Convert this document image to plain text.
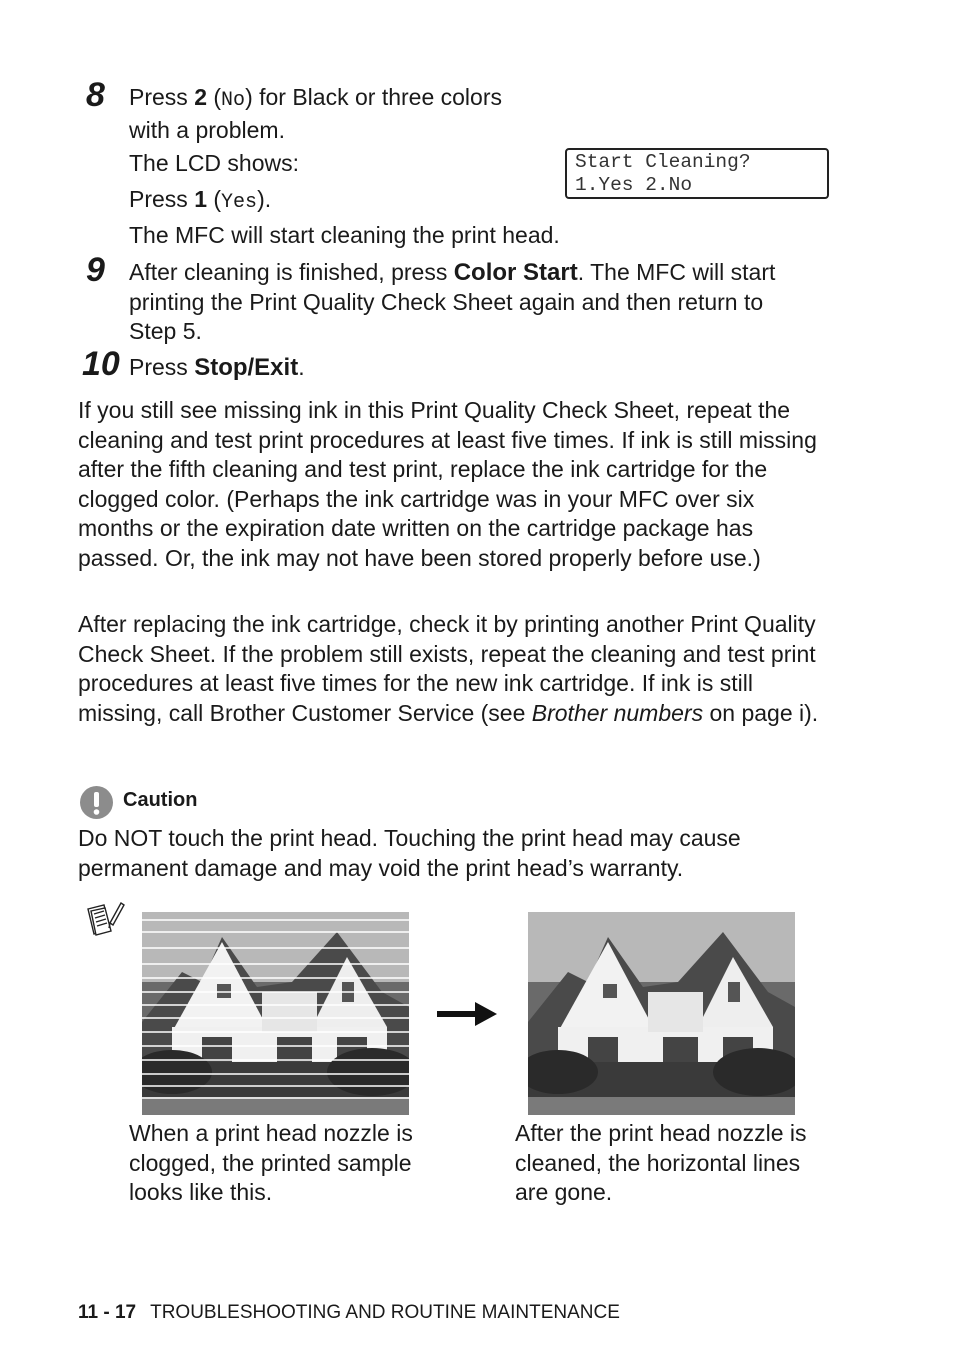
8 Press 2 (No) for Black or three colors
with a problem.
The LCD shows:
Press 1 (Yes).
Start Cleaning?
1.Yes 2.No
The MFC will start cleaning the print head.
9 After cleaning is finished, press Color Start. The MFC will start
printing the Print Quality Check Sheet again and then return to
Step 5.
10 Press Stop/Exit.

If you still see missing ink in this Print Quality Check Sheet, repeat the cleaning and test print procedures at least five times. If ink is still missing after the fifth cleaning and test print, replace the ink cartridge for the clogged color. (Perhaps the ink cartridge was in your MFC over six months or the expiration date written on the cartridge package has passed. Or, the ink may not have been stored properly before use.)

After replacing the ink cartridge, check it by printing another Print Quality Check Sheet. If the problem still exists, repeat the cleaning and test print procedures at least five times for the new ink cartridge. If ink is still missing, call Brother Customer Service (see Brother numbers on page i).

Caution
Do NOT touch the print head. Touching the print head may cause permanent damage and may void the print head’s warranty.
When a print head nozzle is clogged, the printed sample looks like this.
After the print head nozzle is cleaned, the horizontal lines are gone.
11 - 17 TROUBLESHOOTING AND ROUTINE MAINTENANCE
